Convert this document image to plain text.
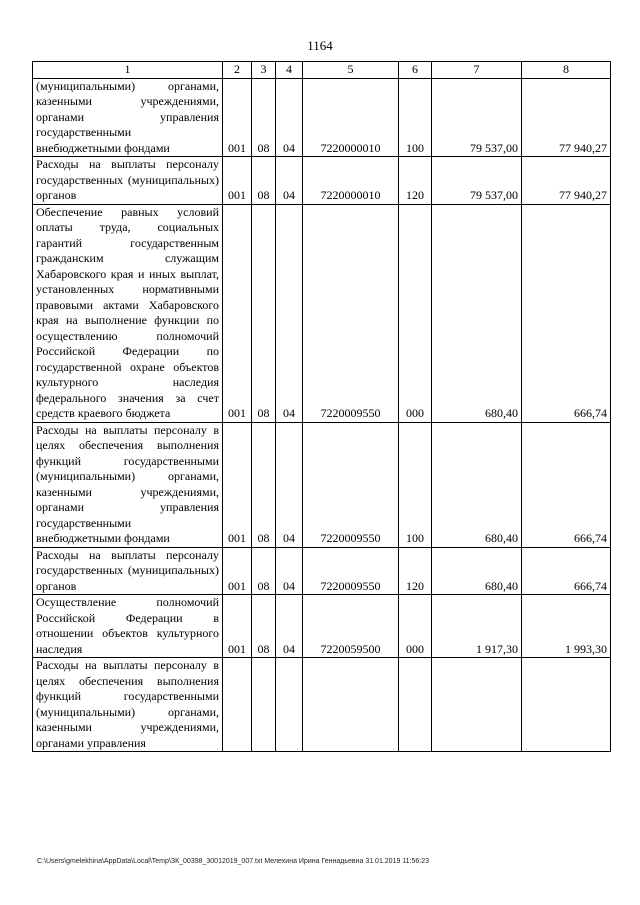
1164
1	2	3	4	5	6	7	8
(муниципальными) органами, казенными учреждениями, органами управления государственными внебюджетными фондами	001	08	04	7220000010	100	79 537,00	77 940,27
Расходы на выплаты персоналу государственных (муниципальных) органов	001	08	04	7220000010	120	79 537,00	77 940,27
Обеспечение равных условий оплаты труда, социальных гарантий государственным гражданским служащим Хабаровского края и иных выплат, установленных нормативными правовыми актами Хабаровского края на выполнение функции по осуществлению полномочий Российской Федерации по государственной охране объектов культурного наследия федерального значения за счет средств краевого бюджета	001	08	04	7220009550	000	680,40	666,74
Расходы на выплаты персоналу в целях обеспечения выполнения функций государственными (муниципальными) органами, казенными учреждениями, органами управления государственными внебюджетными фондами	001	08	04	7220009550	100	680,40	666,74
Расходы на выплаты персоналу государственных (муниципальных) органов	001	08	04	7220009550	120	680,40	666,74
Осуществление полномочий Российской Федерации в отношении объектов культурного наследия	001	08	04	7220059500	000	1 917,30	1 993,30
Расходы на выплаты персоналу в целях обеспечения выполнения функций государственными (муниципальными) органами, казенными учреждениями, органами управления							
C:\Users\gmelekhina\AppData\Local\Temp\ЗК_00398_30012019_007.txt Мелехина Ирина Геннадьевна 31.01.2019 11:56:23
